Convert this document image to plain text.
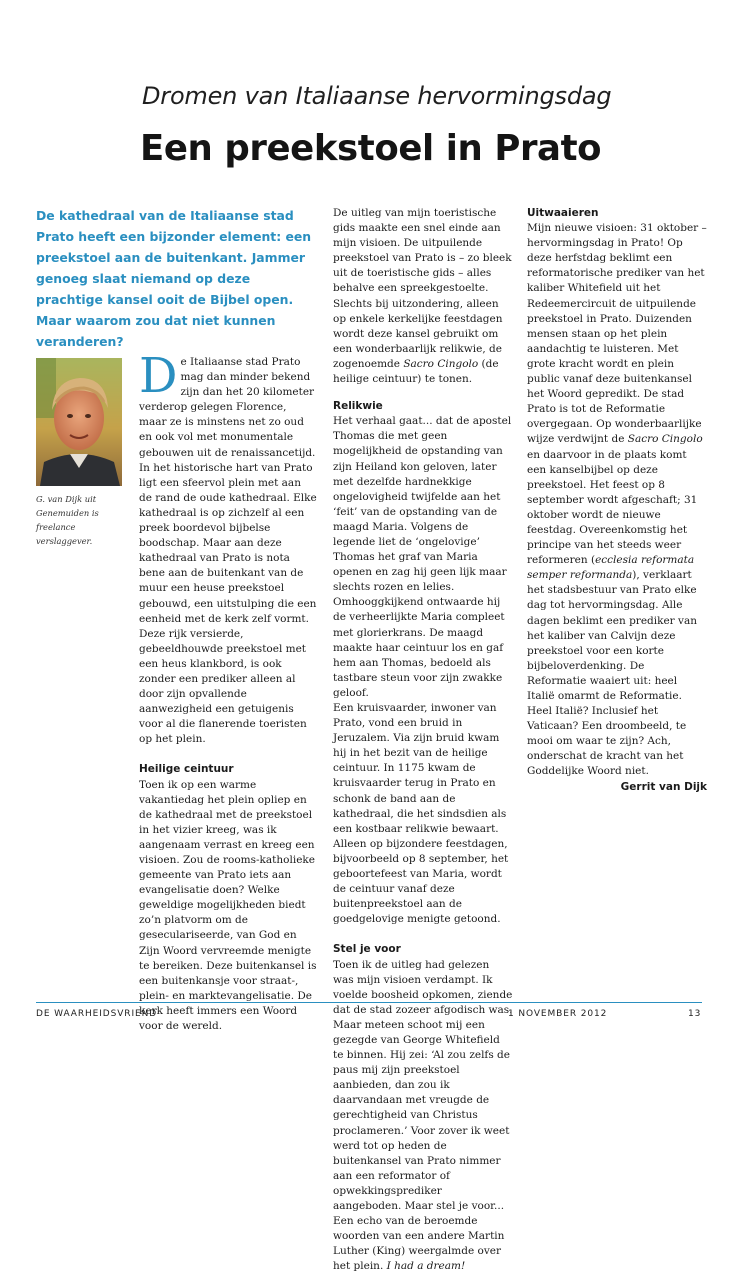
Dromen van Italiaanse hervormingsdag
Een preekstoel in Prato
De kathedraal van de Italiaanse stad Prato heeft een bijzonder element: een preekstoel aan de buitenkant. Jammer genoeg slaat niemand op deze prachtige kansel ooit de Bijbel open. Maar waarom zou dat niet kunnen veranderen?
G. van Dijk uit Genemuiden is freelance verslaggever.

De Italiaanse stad Prato mag dan minder bekend zijn dan het 20 kilometer verderop gelegen Florence, maar ze is minstens net zo oud en ook vol met monumentale gebouwen uit de renaissancetijd. In het historische hart van Prato ligt een sfeervol plein met aan de rand de oude kathedraal. Elke kathedraal is op zichzelf al een preek boordevol bijbelse boodschap. Maar aan deze kathedraal van Prato is nota bene aan de buitenkant van de muur een heuse preekstoel gebouwd, een uitstulping die een eenheid met de kerk zelf vormt. Deze rijk versierde, gebeeldhouwde preekstoel met een heus klankbord, is ook zonder een prediker alleen al door zijn opvallende aanwezigheid een getuigenis voor al die flanerende toeristen op het plein.

Heilige ceintuur

Toen ik op een warme vakantiedag het plein opliep en de kathedraal met de preekstoel in het vizier kreeg, was ik aangenaam verrast en kreeg een visioen. Zou de rooms-katholieke gemeente van Prato iets aan evangelisatie doen? Welke geweldige mogelijkheden biedt zo’n platvorm om de geseculariseerde, van God en Zijn Woord vervreemde menigte te bereiken. Deze buitenkansel is een buitenkansje voor straat-, plein- en marktevangelisatie. De kerk heeft immers een Woord voor de wereld.

De uitleg van mijn toeristische gids maakte een snel einde aan mijn visioen. De uitpuilende preekstoel van Prato is – zo bleek uit de toeristische gids – alles behalve een spreekgestoelte. Slechts bij uitzondering, alleen op enkele kerkelijke feestdagen wordt deze kansel gebruikt om een wonderbaarlijk relikwie, de zogenoemde Sacro Cingolo (de heilige ceintuur) te tonen.

Relikwie

Het verhaal gaat... dat de apostel Thomas die met geen mogelijkheid de opstanding van zijn Heiland kon geloven, later met dezelfde hardnekkige ongelovigheid twijfelde aan het ‘feit’ van de opstanding van de maagd Maria. Volgens de legende liet de ‘ongelovige’ Thomas het graf van Maria openen en zag hij geen lijk maar slechts rozen en lelies. Omhooggkijkend ontwaarde hij de verheerlijkte Maria compleet met glorierkrans. De maagd maakte haar ceintuur los en gaf hem aan Thomas, bedoeld als tastbare steun voor zijn zwakke geloof.

Een kruisvaarder, inwoner van Prato, vond een bruid in Jeruzalem. Via zijn bruid kwam hij in het bezit van de heilige ceintuur. In 1175 kwam de kruisvaarder terug in Prato en schonk de band aan de kathedraal, die het sindsdien als een kostbaar relikwie bewaart. Alleen op bijzondere feestdagen, bijvoorbeeld op 8 september, het geboortefeest van Maria, wordt de ceintuur vanaf deze buitenpreekstoel aan de goedgelovige menigte getoond.

Stel je voor

Toen ik de uitleg had gelezen was mijn visioen verdampt. Ik voelde boosheid opkomen, ziende dat de stad zozeer afgodisch was. Maar meteen schoot mij een gezegde van George Whitefield te binnen. Hij zei: ‘Al zou zelfs de paus mij zijn preekstoel aanbieden, dan zou ik daarvandaan met vreugde de gerechtigheid van Christus proclameren.’ Voor zover ik weet werd tot op heden de buitenkansel van Prato nimmer aan een reformator of opwekkingsprediker aangeboden. Maar stel je voor... Een echo van de beroemde woorden van een andere Martin Luther (King) weergalmde over het plein. I had a dream!

Uitwaaieren

Mijn nieuwe visioen: 31 oktober – hervormingsdag in Prato! Op deze herfstdag beklimt een reformatorische prediker van het kaliber Whitefield uit het Redeemercircuit de uitpuilende preekstoel in Prato. Duizenden mensen staan op het plein aandachtig te luisteren. Met grote kracht wordt en plein public vanaf deze buitenkansel het Woord gepredikt. De stad Prato is tot de Reformatie overgegaan. Op wonderbaarlijke wijze verdwijnt de Sacro Cingolo en daarvoor in de plaats komt een kanselbijbel op deze preekstoel. Het feest op 8 september wordt afgeschaft; 31 oktober wordt de nieuwe feestdag. Overeenkomstig het principe van het steeds weer reformeren (ecclesia reformata semper reformanda), verklaart het stadsbestuur van Prato elke dag tot hervormingsdag. Alle dagen beklimt een prediker van het kaliber van Calvijn deze preekstoel voor een korte bijbeloverdenking. De Reformatie waaiert uit: heel Italië omarmt de Reformatie.

Heel Italië? Inclusief het Vaticaan? Een droombeeld, te mooi om waar te zijn? Ach, onderschat de kracht van het Goddelijke Woord niet.

Gerrit van Dijk

DE WAARHEIDSVRIEND	1 NOVEMBER 2012	13
